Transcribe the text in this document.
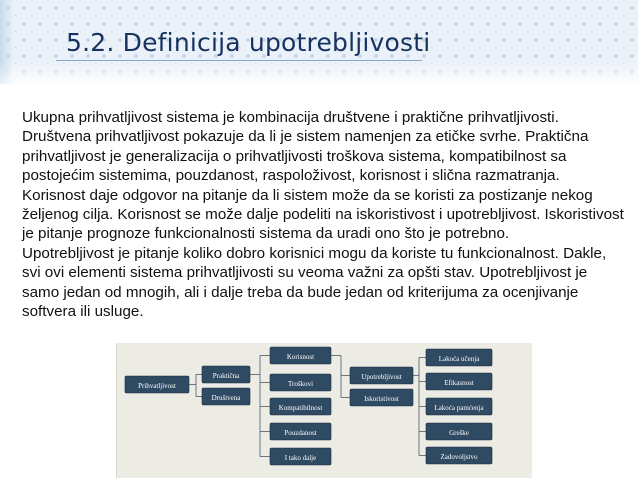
5.2. Definicija upotrebljivosti

Ukupna prihvatljivost sistema je kombinacija društvene i praktične prihvatljivosti. Društvena prihvatljivost pokazuje da li je sistem namenjen za etičke svrhe. Praktična prihvatljivost je generalizacija o prihvatljivosti troškova sistema, kompatibilnost sa postojećim sistemima, pouzdanost, raspoloživost, korisnost i slična razmatranja. Korisnost daje odgovor na pitanje da li sistem može da se koristi za postizanje nekog željenog cilja. Korisnost se može dalje podeliti na iskoristivost i upotrebljivost. Iskoristivost je pitanje prognoze funkcionalnosti sistema da uradi ono što je potrebno.

Upotrebljivost je pitanje koliko dobro korisnici mogu da koriste tu funkcionalnost. Dakle, svi ovi elementi sistema prihvatljivosti su veoma važni za opšti stav. Upotrebljivost je samo jedan od mnogih, ali i dalje treba da bude jedan od kriterijuma za ocenjivanje softvera ili usluge.

Prihvatljivost
Praktična
Društvena
Korisnost
Troškovi
Kompatibilnost
Pouzdanost
I tako dalje
Upotrebljivost
Iskoristivost
Lakoća učenja
Efikasnost
Lakoća pamćenja
Greške
Zadovoljstvo
